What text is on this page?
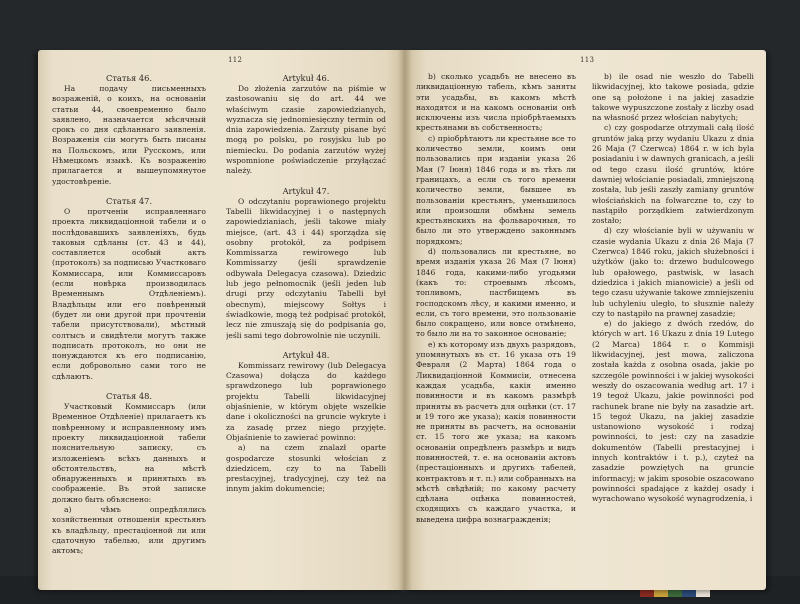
112
Статья 46.

На подачу письменныхъ возраженій, о коихъ, на основаніи статьи 44, своевременно было заявлено, назначается мѣсячный срокъ со дня сдѣланнаго заявленія. Возраженія сіи могутъ быть писаны на Польскомъ, или Русскомъ, или Нѣмецкомъ языкѣ. Къ возраженію прилагается и вышеупомянутое удостовѣреніе.

Статья 47.

О протченіи исправленнаго проекта ликвидаціонной табели и о послѣдовавшихъ заявленіяхъ, будь таковыя сдѣланы (ст. 43 и 44), составляется особый актъ (протоколъ) за подписью Участковаго Коммиссара, или Коммиссаровъ (если новѣрка производилась Временнымъ Отдѣленіемъ). Владѣльцы или его повѣренный (будет ли они другой при прочтеніи табели присутствовали), мѣстный солтысъ и свидѣтели могутъ также подписать протоколъ, но они не понуждаются къ его подписанію, если добровольно сами того не сдѣлаютъ.

Статья 48.

Участковый Коммиссаръ (или Временное Отдѣленіе) прилагаетъ къ повѣренному и исправленному имъ проекту ликвидаціонной табели пояснительную записку, съ изложеніемъ всѣхъ данныхъ и обстоятельствъ, на мѣстѣ обнаруженныхъ и принятыхъ въ соображеніе. Въ этой записке должно быть объяснено:

а) чѣмъ опредѣлялись хозяйственныя отношенія крестьянъ къ владѣльцу, престаціонной ли или сдаточную табелью, или другимъ актомъ;

Artykuł 46.

Do złożenia zarzutów na piśmie w zastosowaniu się do art. 44 we właściwym czasie zapowiedzianych, wyznacza się jednomiesięczny termin od dnia zapowiedzenia. Zarzuty pisane być mogą po polsku, po rosyjsku lub po niemiecku. Do podania zarzutów wyżej wspomnione poświadczenie przyłączać należy.

Artykuł 47.

O odczytaniu poprawionego projektu Tabelli likwidacyjnej i o następnych zapowiedzianiach, jeśli takowe miały miejsce, (art. 43 i 44) sporządza się osobny protokół, za podpisem Kommissarza rewirowego lub Kommissarzy (jeśli sprawdzenie odbywała Delegacya czasowa). Dziedzic lub jego pełnomocnik (jeśli jeden lub drugi przy odczytaniu Tabelli był obecnym), miejscowy Sołtys i świadkowie, mogą też podpisać protokół, lecz nie zmuszają się do podpisania go, jeśli sami tego dobrowolnie nie uczynili.

Artykuł 48.

Kommissarz rewirowy (lub Delegacya Czasowa) dołącza do każdego sprawdzonego lub poprawionego projektu Tabelli likwidacyjnej objaśnienie, w którym objęte wszelkie dane i okoliczności na gruncie wykryte i za zasadę przez niego przyjęte. Objaśnienie to zawierać powinno:

a) na czem znalazł oparte gospodarcze stosunki włościan z dziedzicem, czy to na Tabelli prestacyjnej, tradycyjnej, czy też na innym jakim dokumencie;

113

b) сколько усадьбъ не внесено въ ликвидаціонную табель, кѣмъ заняты эти усадьбы, въ какомъ мѣстѣ находятся и на какомъ основаніи онѣ исключены изъ числа пріобрѣтаемыхъ крестьянами въ собственность;

с) пріобрѣтаютъ ли крестьяне все то количество земли, коимъ они пользовались при изданіи указа 26 Мая (7 Іюня) 1846 года и въ тѣхъ ли границахъ, а если съ того времени количество земли, бывшее въ пользованіи крестьянъ, уменьшилось или произошли обмѣны земель крестьянскихъ на фольварочныя, то было ли это утверждено законнымъ порядкомъ;

d) пользовались ли крестьяне, во время изданія указа 26 Мая (7 Іюня) 1846 года, какими-либо угодьями (какъ то: строевымъ лѣсомъ, топливомъ, пастбищемъ въ господскомъ лѣсу, и какими именно, и если, съ того времени, это пользованіе было сокращено, или вовсе отмѣнено, то было ли на то законное основаніе;

е) къ которому изъ двухъ разрядовъ, упомянутыхъ въ ст. 16 указа отъ 19 Февраля (2 Марта) 1864 года о Ликвидаціонной Коммисіи, отнесена каждая усадьба, какія именно повинности и въ какомъ размѣрѣ приняты въ расчетъ для оцѣнки (ст. 17 и 19 того же указа); какія повинности не приняты въ расчетъ, на основаніи ст. 15 того же указа; на какомъ основаніи опредѣленъ размѣръ и видъ повинностей, т. е. на основаніи актовъ (престаціонныхъ и другихъ табелей, контрактовъ и т. п.) или собранныхъ на мѣстѣ свѣдѣній; по какому расчету сдѣлана оцѣнка повинностей, сходящихъ съ каждаго участка, и выведена цифра вознагражденія;

b) ile osad nie weszło do Tabelli likwidacyjnej, kto takowe posiada, gdzie one są położone i na jakiej zasadzie takowe wypuszczone zostały z liczby osad na własność przez włościan nabytych;

c) czy gospodarze otrzymali całą ilość gruntów jaką przy wydaniu Ukazu z dnia 26 Maja (7 Czerwca) 1864 r. w ich byla posiadaniu i w dawnych granicach, a jeśli od tego czasu ilość gruntów, które dawniej włościanie posiadali, zmniejszoną została, lub jeśli zaszły zamiany gruntów włościańskich na folwarczne to, czy to nastąpiło porządkiem zatwierdzonym zostało;

d) czy włościanie byli w używaniu w czasie wydania Ukazu z dnia 26 Maja (7 Czerwca) 1846 roku, jakich służebności i użytków (jako to: drzewo budulcowego lub opałowego, pastwisk, w lasach dziedzica i jakich mianowicie) a jeśli od tego czasu używanie takowe zmniejszeniu lub uchyleniu uległo, to słusznie należy czy to nastąpiło na prawnej zasadzie;

e) do jakiego z dwóch rzedów, do których w art. 16 Ukazu z dnia 19 Lutego (2 Marca) 1864 r. o Kommisji likwidacyjnej, jest mowa, zaliczona została każda z osobna osada, jakie po szczególe powinności i w jakiej wysokości weszły do oszacowania według art. 17 i 19 tegoż Ukazu, jakie powinności pod rachunek brane nie były na zasadzie art. 15 tegoż Ukazu, na jakiej zasadzie ustanowiono wysokość i rodzaj powinności, to jest: czy na zasadzie dokumentów (Tabelli prestacyjnej i innych kontraktów i t. p.), czyteż na zasadzie powziętych na gruncie informacyj; w jakim sposobie oszacowano powinności spadające z każdej osady i wyrachowano wysokość wynagrodzenia, i
